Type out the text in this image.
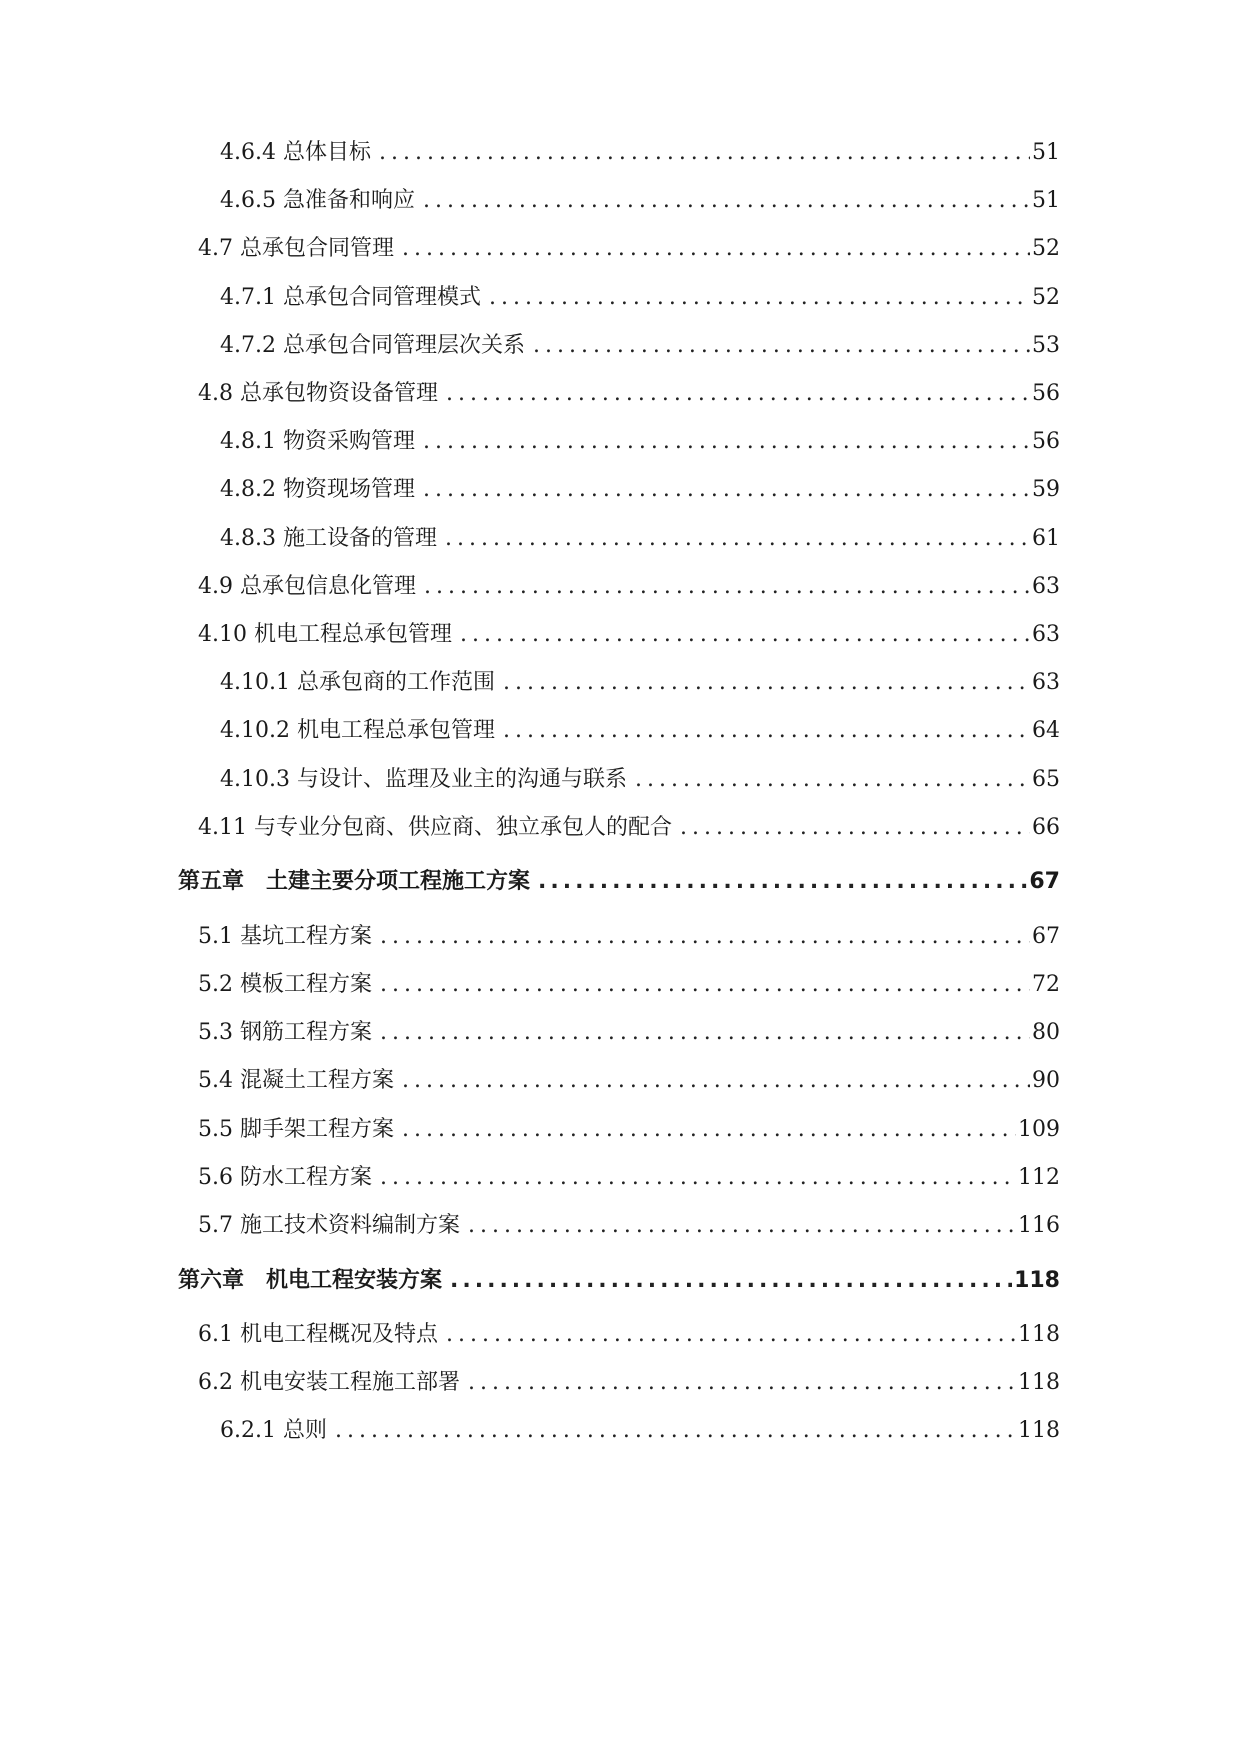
4.6.4 总体目标 .....	51
4.6.5 急准备和响应 .....	51
4.7 总承包合同管理 .....	52
4.7.1 总承包合同管理模式 .....	52
4.7.2 总承包合同管理层次关系 .....	53
4.8 总承包物资设备管理 .....	56
4.8.1 物资采购管理 .....	56
4.8.2 物资现场管理 .....	59
4.8.3 施工设备的管理 .....	61
4.9 总承包信息化管理 .....	63
4.10 机电工程总承包管理 .....	63
4.10.1 总承包商的工作范围 .....	63
4.10.2 机电工程总承包管理 .....	64
4.10.3 与设计、监理及业主的沟通与联系 .....	65
4.11 与专业分包商、供应商、独立承包人的配合 .....	66
第五章　土建主要分项工程施工方案 .....	67
5.1 基坑工程方案 .....	67
5.2 模板工程方案 .....	72
5.3 钢筋工程方案 .....	80
5.4 混凝土工程方案 .....	90
5.5 脚手架工程方案 .....	109
5.6 防水工程方案 .....	112
5.7 施工技术资料编制方案 .....	116
第六章　机电工程安装方案 .....	118
6.1 机电工程概况及特点 .....	118
6.2 机电安装工程施工部署 .....	118
6.2.1 总则 .....	118
